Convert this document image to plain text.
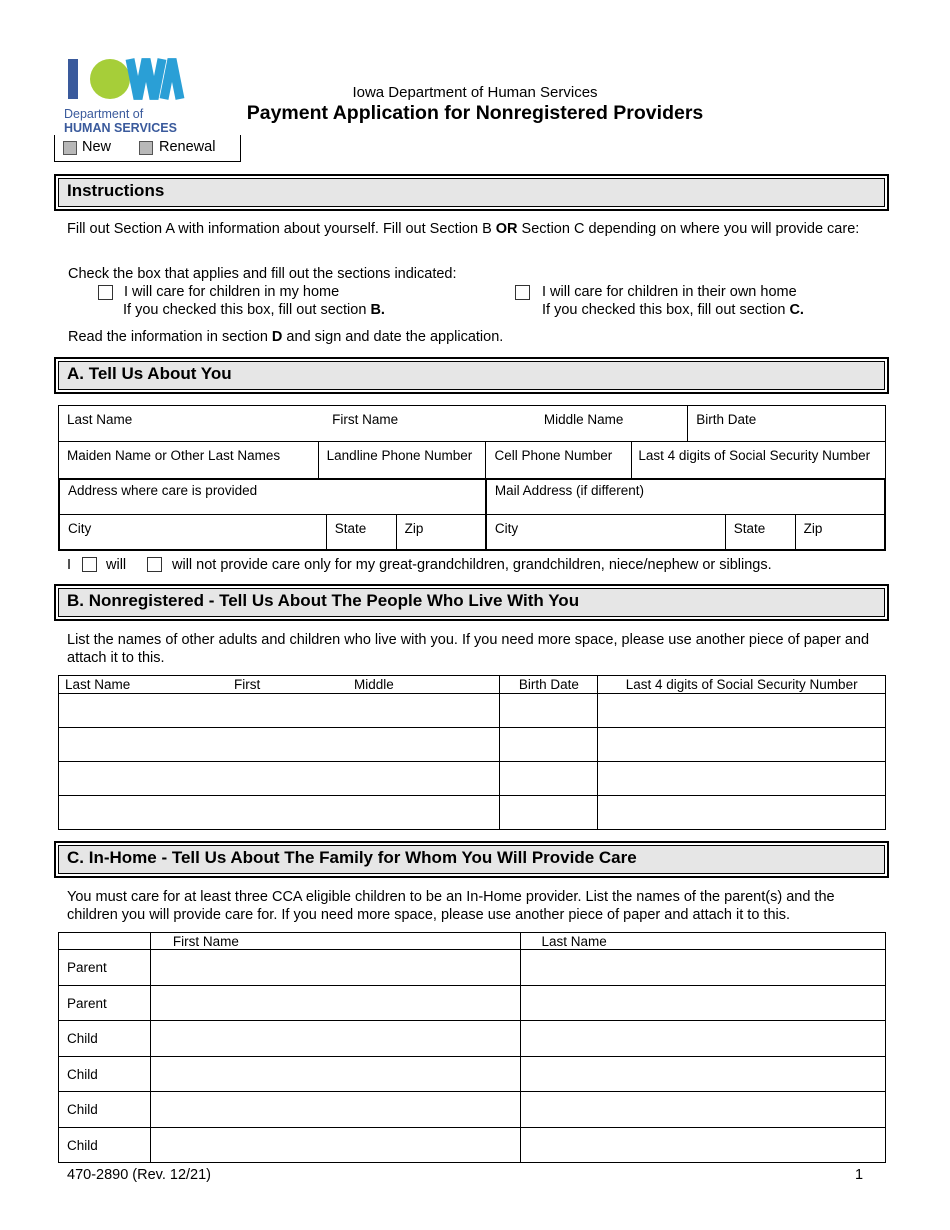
Department of
HUMAN SERVICES
Iowa Department of Human Services
Payment Application for Nonregistered Providers
New	Renewal
Instructions
Fill out Section A with information about yourself. Fill out Section B OR Section C depending on where you will provide care:
Check the box that applies and fill out the sections indicated:
I will care for children in my home
If you checked this box, fill out section B.
I will care for children in their own home
If you checked this box, fill out section C.
Read the information in section D and sign and date the application.
A. Tell Us About You
Last Name	First Name	Middle Name	Birth Date
Maiden Name or Other Last Names	Landline Phone Number	Cell Phone Number	Last 4 digits of Social Security Number
Address where care is provided			Mail Address (if different)		
City	State	Zip	City	State	Zip
I will	will not provide care only for my great-grandchildren, grandchildren, niece/nephew or siblings.
B. Nonregistered - Tell Us About The People Who Live With You
List the names of other adults and children who live with you. If you need more space, please use another piece of paper and attach it to this.
Last Name First Middle	Birth Date	Last 4 digits of Social Security Number

C. In-Home - Tell Us About The Family for Whom You Will Provide Care
You must care for at least three CCA eligible children to be an In-Home provider. List the names of the parent(s) and the children you will provide care for. If you need more space, please use another piece of paper and attach it to this.
	First Name	Last Name
Parent		
Parent		
Child		
Child		
Child		
Child		
470-2890 (Rev. 12/21)	1
